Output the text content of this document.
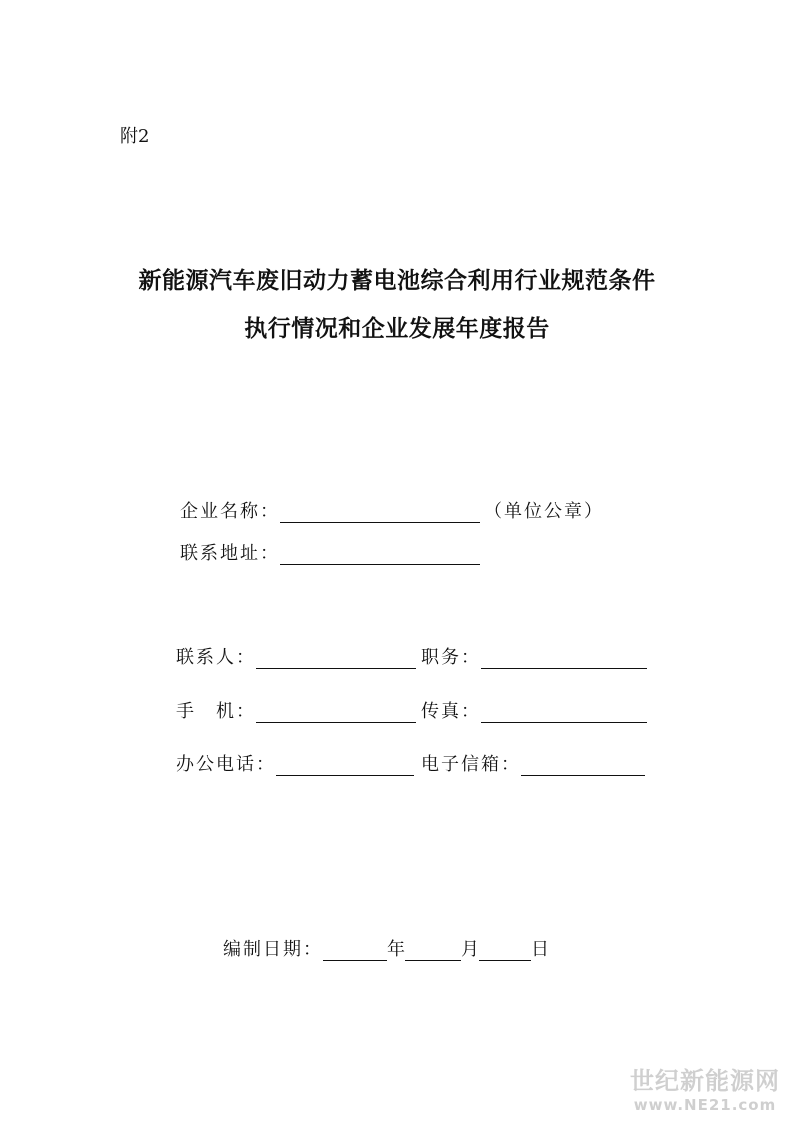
附2
新能源汽车废旧动力蓄电池综合利用行业规范条件
执行情况和企业发展年度报告
企业名称：	（单位公章）
联系地址：
联系人：	职务：
手　机：	传真：
办公电话：	电子信箱：
编制日期：	年	月	日
世纪新能源网
www.NE21.com
